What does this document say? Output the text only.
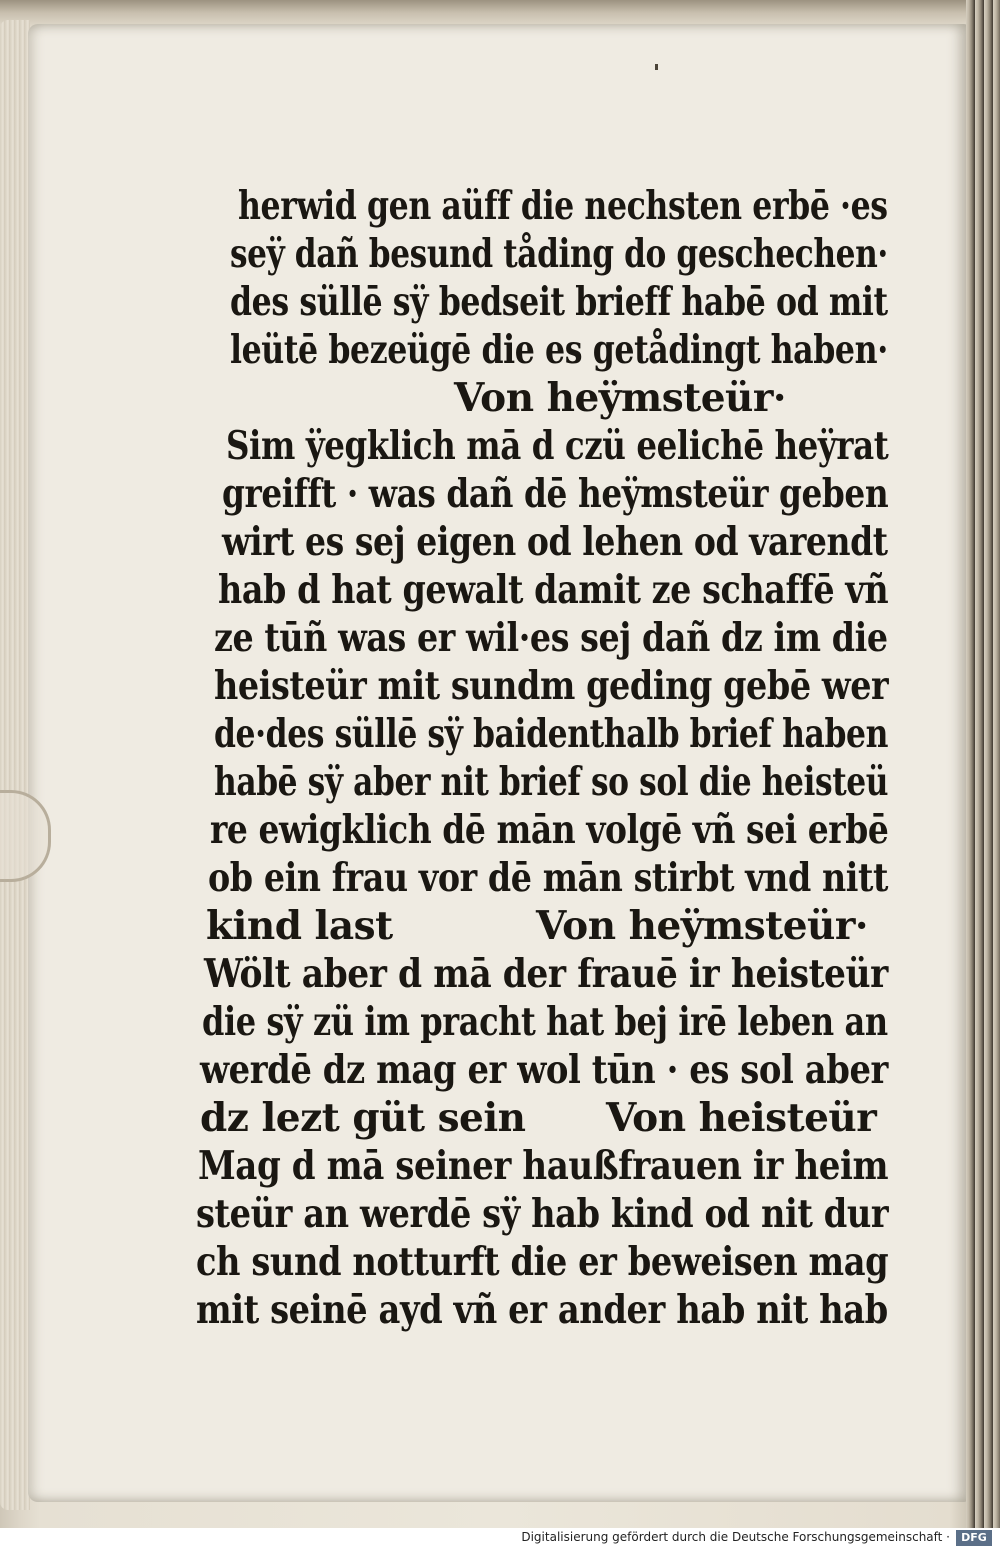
herwid gen aüff die nechsten erbē ·es
seÿ dañ besund tåding do geschechen·
des süllē sÿ bedseit brieff habē od mit
leütē bezeügē die es getådingt haben·
Von heÿmsteür·
Sim ÿegklich mā d czü eelichē heÿrat
greifft · was dañ dē heÿmsteür geben
wirt es sej eigen od lehen od varendt
hab d hat gewalt damit ze schaffē vñ
ze tūñ was er wil·es sej dañ dz im die
heisteür mit sundm geding gebē wer
de·des süllē sÿ baidenthalb brief haben
habē sÿ aber nit brief so sol die heisteü
re ewigklich dē mān volgē vñ sei erbē
ob ein frau vor dē mān stirbt vnd nitt
kind last	Von heÿmsteür·
Wölt aber d mā der frauē ir heisteür
die sÿ zü im pracht hat bej irē leben an
werdē dz mag er wol tūn · es sol aber
dz lezt güt sein Von heisteür
Mag d mā seiner haußfrauen ir heim
steür an werdē sÿ hab kind od nit dur
ch sund notturft die er beweisen mag
mit seinē ayd vñ er ander hab nit hab
Digitalisierung gefördert durch die Deutsche Forschungsgemeinschaft ·	DFG
